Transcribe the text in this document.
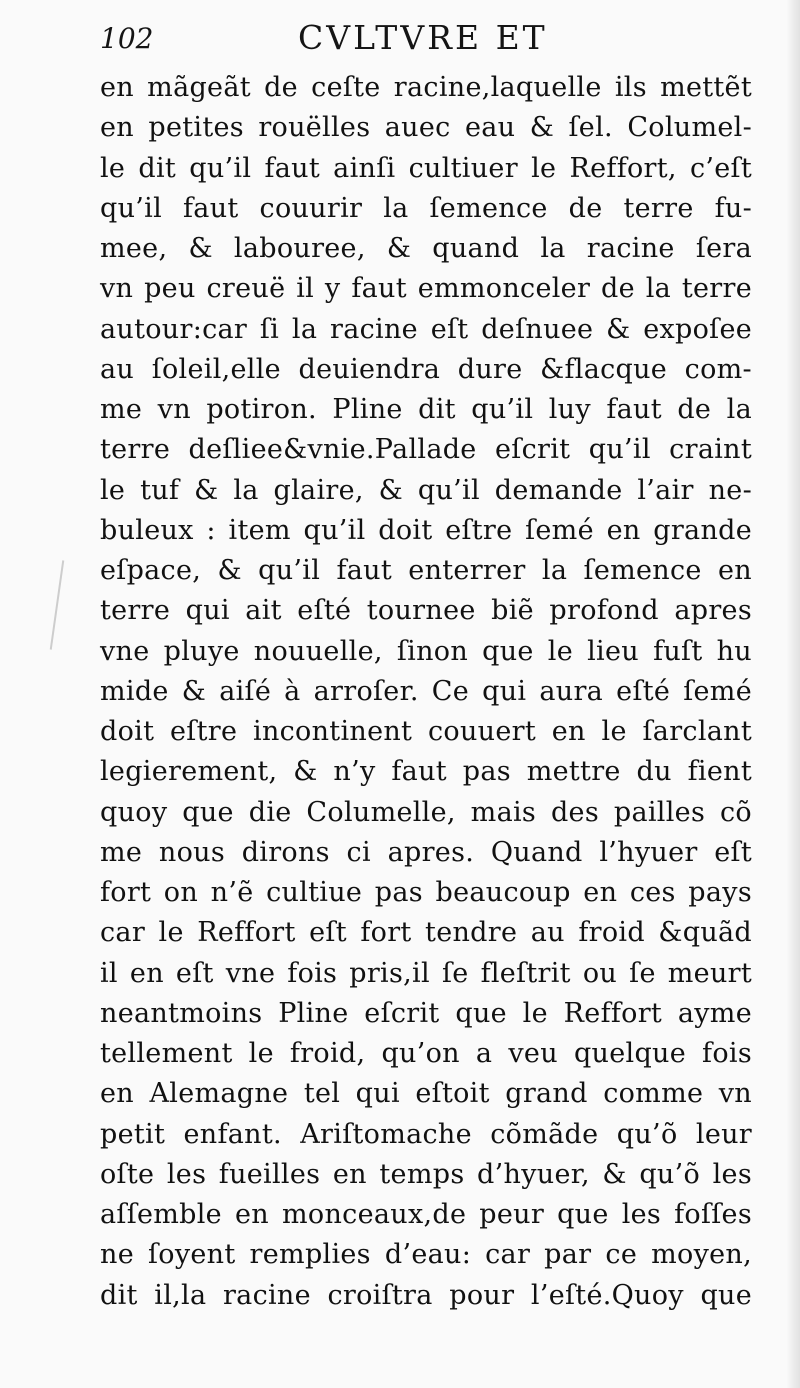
102	CVLTVRE ET
en mãgeãt de ceſte racine,laquelle ils mettẽt
en petites rouëlles auec eau & ſel. Columel-
le dit qu’il faut ainſi cultiuer le Reffort, c’eſt
qu’il faut couurir la ſemence de terre fu-
mee, & labouree, & quand la racine ſera
vn peu creuë il y faut emmonceler de la terre
autour:car ſi la racine eſt deſnuee & expoſee
au ſoleil,elle deuiendra dure &flacque com-
me vn potiron. Pline dit qu’il luy faut de la
terre deſliee&vnie.Pallade eſcrit qu’il craint
le tuf & la glaire, & qu’il demande l’air ne-
buleux : item qu’il doit eſtre ſemé en grande
eſpace, & qu’il faut enterrer la ſemence en
terre qui ait eſté tournee biẽ profond apres
vne pluye nouuelle, ſinon que le lieu fuſt hu
mide & aiſé à arroſer. Ce qui aura eſté ſemé
doit eſtre incontinent couuert en le ſarclant
legierement, & n’y faut pas mettre du fient
quoy que die Columelle, mais des pailles cõ
me nous dirons ci apres. Quand l’hyuer eſt
fort on n’ẽ cultiue pas beaucoup en ces pays
car le Reffort eſt fort tendre au froid &quãd
il en eſt vne fois pris,il ſe fleſtrit ou ſe meurt
neantmoins Pline eſcrit que le Reffort ayme
tellement le froid, qu’on a veu quelque fois
en Alemagne tel qui eſtoit grand comme vn
petit enfant. Ariſtomache cõmãde qu’õ leur
oſte les fueilles en temps d’hyuer, & qu’õ les
aſſemble en monceaux,de peur que les foſſes
ne ſoyent remplies d’eau: car par ce moyen,
dit il,la racine croiſtra pour l’eſté.Quoy que
